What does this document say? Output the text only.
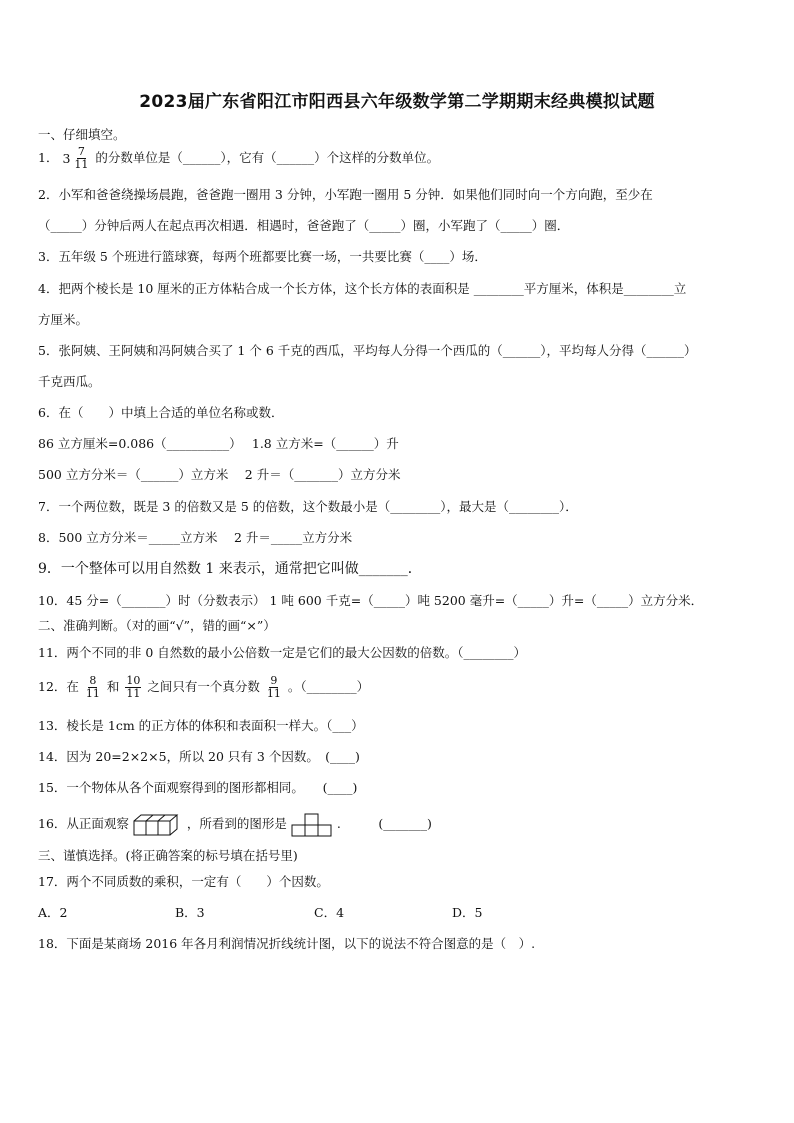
2023届广东省阳江市阳西县六年级数学第二学期期末经典模拟试题
一、仔细填空。
1． $3 \frac{7}{11}$ 的分数单位是（______），它有（______）个这样的分数单位。
2．小军和爸爸绕操场晨跑，爸爸跑一圈用 3 分钟，小军跑一圈用 5 分钟．如果他们同时向一个方向跑，至少在
（_____）分钟后两人在起点再次相遇．相遇时，爸爸跑了（_____）圈，小军跑了（_____）圈．
3．五年级 5 个班进行篮球赛，每两个班都要比赛一场，一共要比赛（____）场．
4．把两个棱长是 10 厘米的正方体粘合成一个长方体，这个长方体的表面积是 ________平方厘米，体积是________立
方厘米。
5．张阿姨、王阿姨和冯阿姨合买了 1 个 6 千克的西瓜，平均每人分得一个西瓜的（______），平均每人分得（______）
千克西瓜。
6．在（　　）中填上合适的单位名称或数．
86 立方厘米=0.086（__________）　 1.8 立方米=（______）升
500 立方分米＝（______）立方米　 2 升＝（_______）立方分米
7．一个两位数，既是 3 的倍数又是 5 的倍数，这个数最小是（________），最大是（________）．
8．500 立方分米＝_____立方米　 2 升＝_____立方分米
9．一个整体可以用自然数 1 来表示，通常把它叫做_______．
10．45 分=（_______）时（分数表示） 1 吨 600 千克=（_____）吨 5200 毫升=（_____）升=（_____）立方分米．
二、准确判断。（对的画“√”，错的画“×”）
11．两个不同的非 0 自然数的最小公倍数一定是它们的最大公因数的倍数。（________）
12．在 $\frac{8}{11}$ 和 $\frac{10}{11}$ 之间只有一个真分数 $\frac{9}{11}$ 。（________）
13．棱长是 1cm 的正方体的体积和表面积一样大。（___）
14．因为 20=2×2×5，所以 20 只有 3 个因数。　(____)
15．一个物体从各个面观察得到的图形都相同。　　(____)
16．从正面观察	，所看到的图形是	.　　　(_______)
三、谨慎选择。(将正确答案的标号填在括号里)
17．两个不同质数的乘积，一定有（　　）个因数。
A．2	B．3	C．4	D．5
18．下面是某商场 2016 年各月利润情况折线统计图，以下的说法不符合图意的是（　）.
